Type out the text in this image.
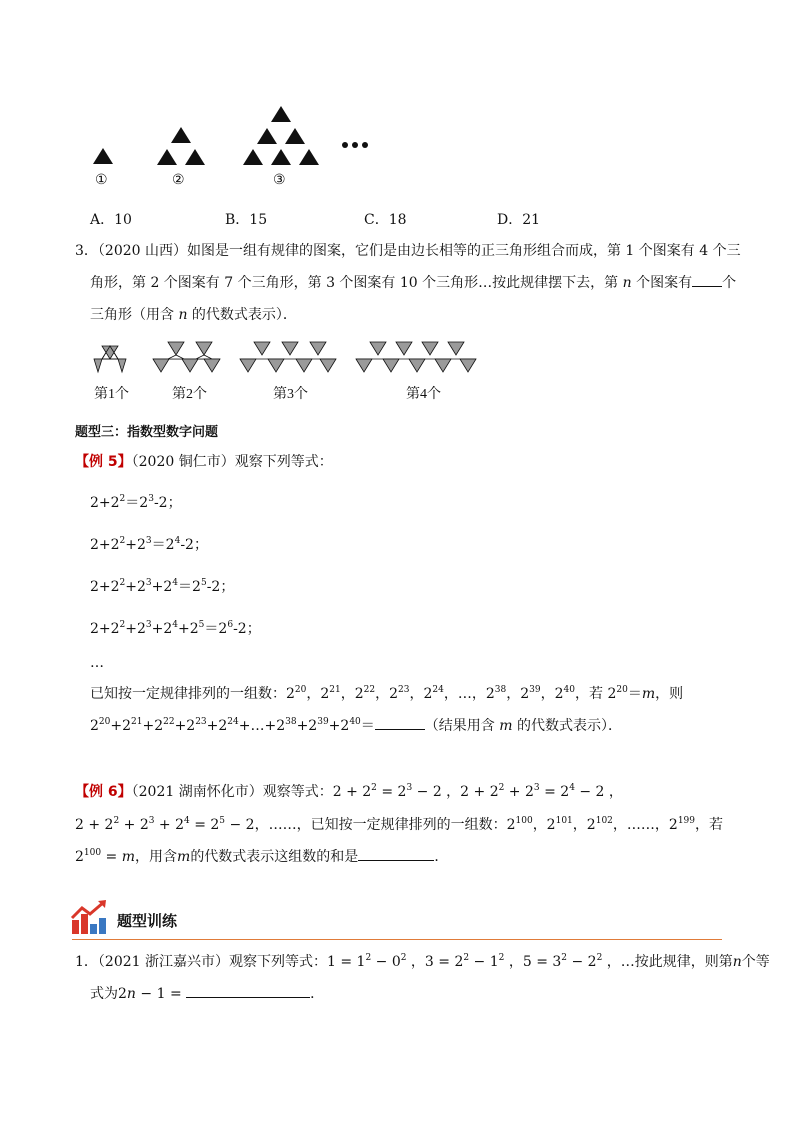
①	②	③
A．10	B．15	C．18	D．21
3．（2020 山西）如图是一组有规律的图案，它们是由边长相等的正三角形组合而成，第 1 个图案有 4 个三
角形，第 2 个图案有 7 个三角形，第 3 个图案有 10 个三角形…按此规律摆下去，第 n 个图案有 个
三角形（用含 n 的代数式表示）．
第1个	第2个	第3个	第4个
题型三：指数型数字问题
【例 5】（2020 铜仁市）观察下列等式：
$2+2^2=2^3-2$；
$2+2^2+2^3=2^4-2$；
$2+2^2+2^3+2^4=2^5-2$；
$2+2^2+2^3+2^4+2^5=2^6-2$；
…
已知按一定规律排列的一组数：$2^{20}$，$2^{21}$，$2^{22}$，$2^{23}$，$2^{24}$，…，$2^{38}$，$2^{39}$，$2^{40}$，若 $2^{20}=m$，则
$2^{20}+2^{21}+2^{22}+2^{23}+2^{24}+\dots+2^{38}+2^{39}+2^{40}=$	（结果用含 m 的代数式表示）．
【例 6】（2021 湖南怀化市）观察等式：$2 + 2^2 = 2^3 - 2$ ，$2 + 2^2 + 2^3 = 2^4 - 2$ ，
$2 + 2^2 + 2^3 + 2^4 = 2^5 - 2$，……，已知按一定规律排列的一组数：$2^{100}$，$2^{101}$，$2^{102}$，……，$2^{199}$，若
$2^{100} = m$，用含m的代数式表示这组数的和是	．
题型训练
1．（2021 浙江嘉兴市）观察下列等式：$1 = 1^2 - 0^2$ ，$3 = 2^2 - 1^2$ ，$5 = 3^2 - 2^2$ ，…按此规律，则第n个等
式为2n − 1 =	．
